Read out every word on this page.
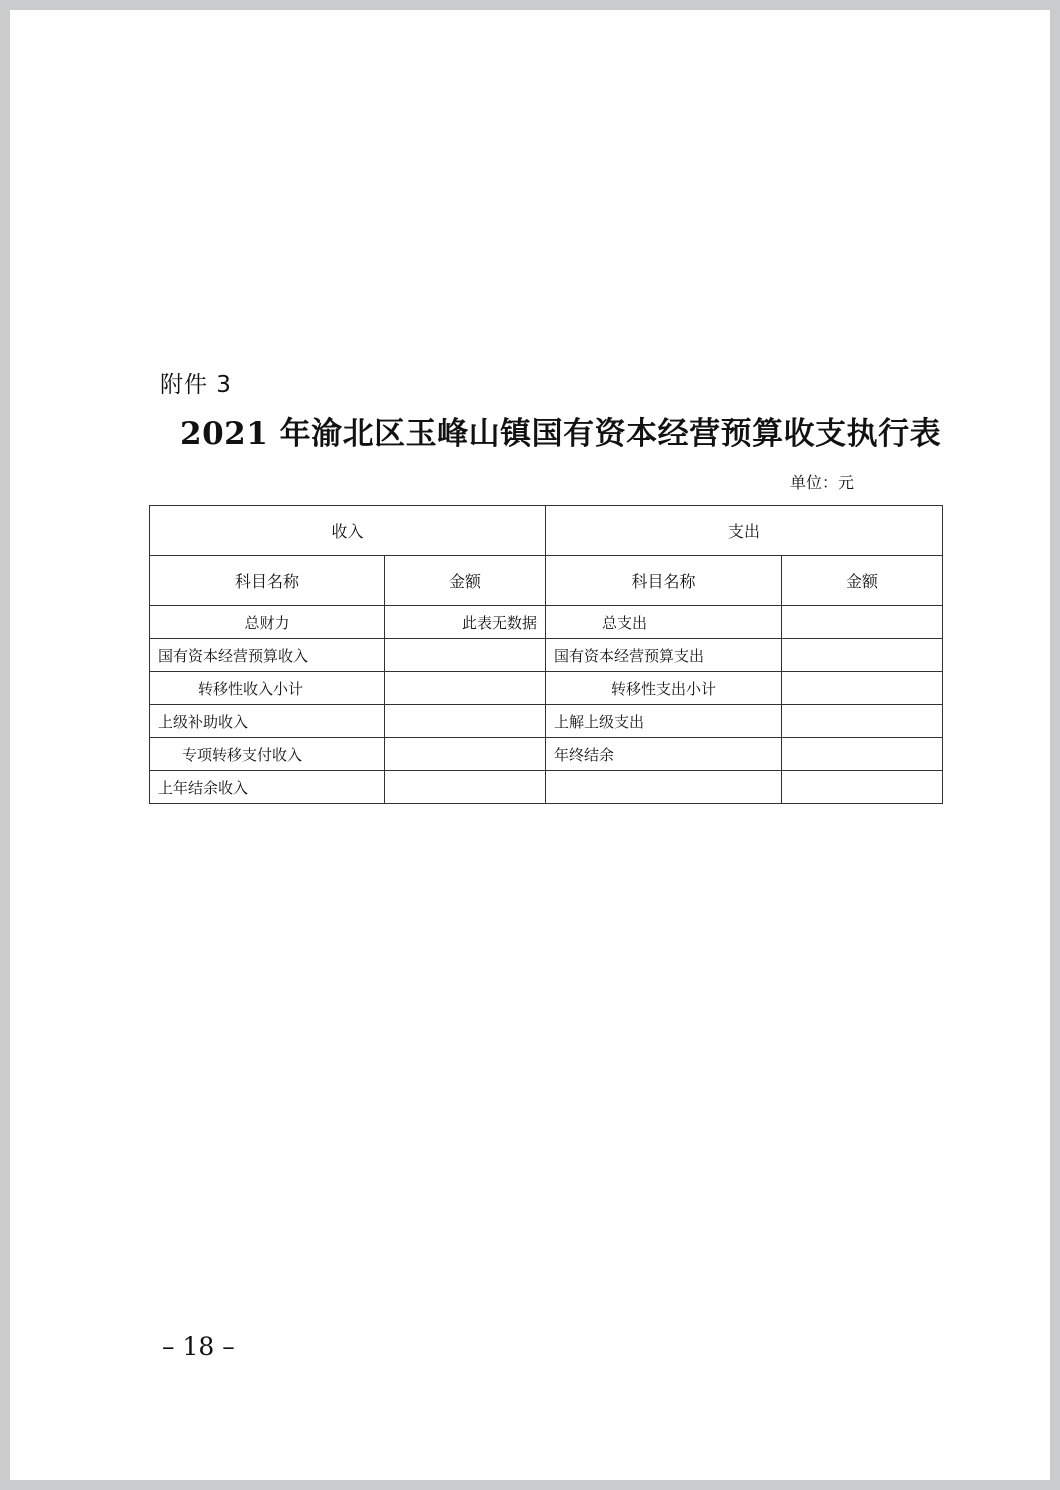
附件 3
2021 年渝北区玉峰山镇国有资本经营预算收支执行表
单位：元
收入		支出	
科目名称	金额	科目名称	金额
总财力	此表无数据	总支出	
国有资本经营预算收入		国有资本经营预算支出	
转移性收入小计		转移性支出小计	
上级补助收入		上解上级支出	
专项转移支付收入		年终结余	
上年结余收入			
– 18 –
